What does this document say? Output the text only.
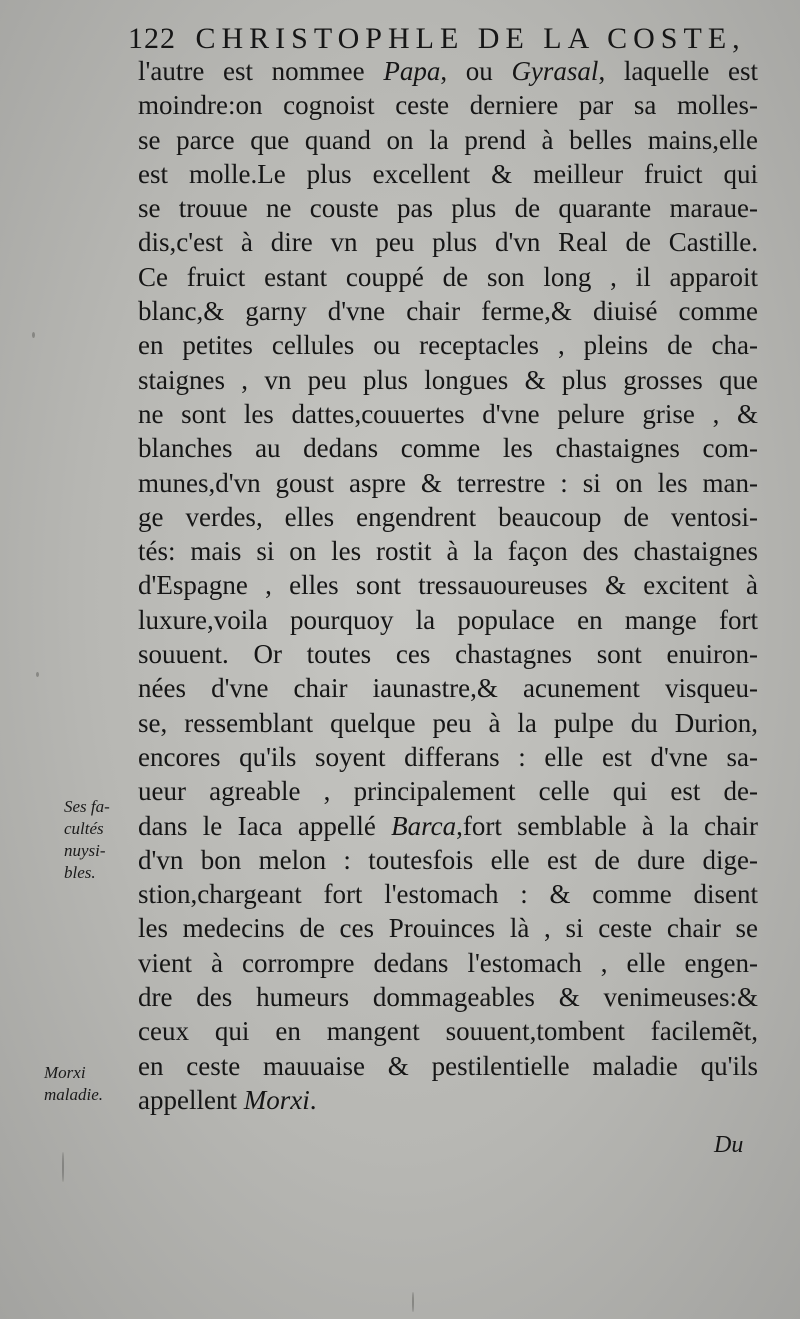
122 CHRISTOPHLE DE LA COSTE,
l'autre est nommee Papa, ou Gyrasal, laquelle est
moindre:on cognoist ceste derniere par sa molles-
se parce que quand on la prend à belles mains,elle
est molle.Le plus excellent & meilleur fruict qui
se trouue ne couste pas plus de quarante maraue-
dis,c'est à dire vn peu plus d'vn Real de Castille.
Ce fruict estant couppé de son long , il apparoit
blanc,& garny d'vne chair ferme,& diuisé comme
en petites cellules ou receptacles , pleins de cha-
staignes , vn peu plus longues & plus grosses que
ne sont les dattes,couuertes d'vne pelure grise , &
blanches au dedans comme les chastaignes com-
munes,d'vn goust aspre & terrestre : si on les man-
ge verdes, elles engendrent beaucoup de ventosi-
tés: mais si on les rostit à la façon des chastaignes
d'Espagne , elles sont tressauoureuses & excitent à
luxure,voila pourquoy la populace en mange fort
souuent. Or toutes ces chastagnes sont enuiron-
nées d'vne chair iaunastre,& acunement visqueu-
se, ressemblant quelque peu à la pulpe du Durion,
encores qu'ils soyent differans : elle est d'vne sa-
ueur agreable , principalement celle qui est de-
dans le Iaca appellé Barca,fort semblable à la chair
d'vn bon melon : toutesfois elle est de dure dige-
stion,chargeant fort l'estomach : & comme disent
les medecins de ces Prouinces là , si ceste chair se
vient à corrompre dedans l'estomach , elle engen-
dre des humeurs dommageables & venimeuses:&
ceux qui en mangent souuent,tombent facilemẽt,
en ceste mauuaise & pestilentielle maladie qu'ils
appellent Morxi.
Ses fa-
cultés
nuysi-
bles.
Morxi
maladie.
Du
